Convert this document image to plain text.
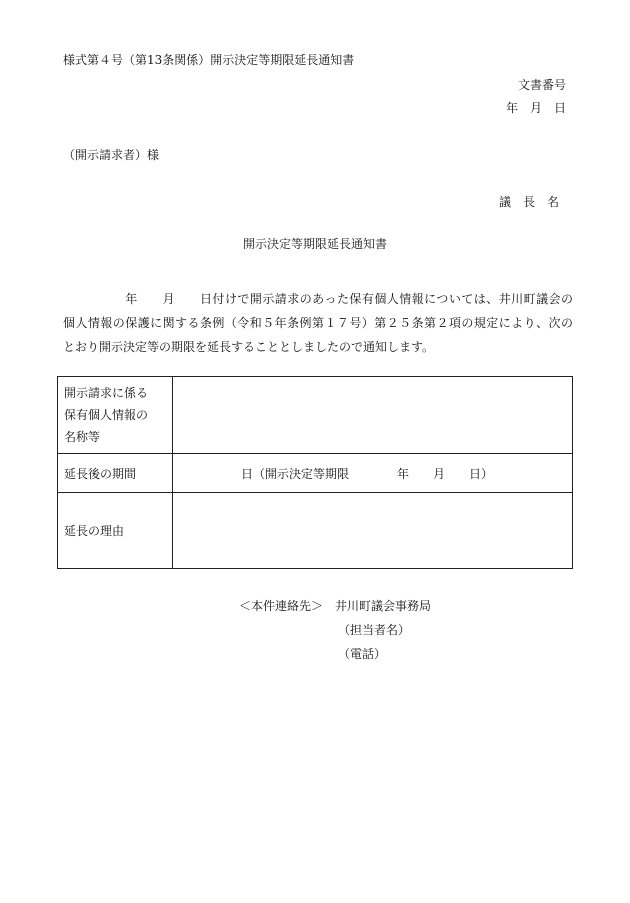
様式第４号（第13条関係）開示決定等期限延長通知書
文書番号
年　月　日
（開示請求者）様
議　長　名
開示決定等期限延長通知書
　　　　　年　　月　　日付けで開示請求のあった保有個人情報については、井川町議会の
個人情報の保護に関する条例（令和５年条例第１７号）第２５条第２項の規定により、次の
とおり開示決定等の期限を延長することとしましたので通知します。
開示請求に係る
保有個人情報の
名称等	

延長後の期間	日（開示決定等期限　　　　年　　月　　日）
延長の理由	
＜本件連絡先＞　井川町議会事務局
（担当者名）
（電話）
